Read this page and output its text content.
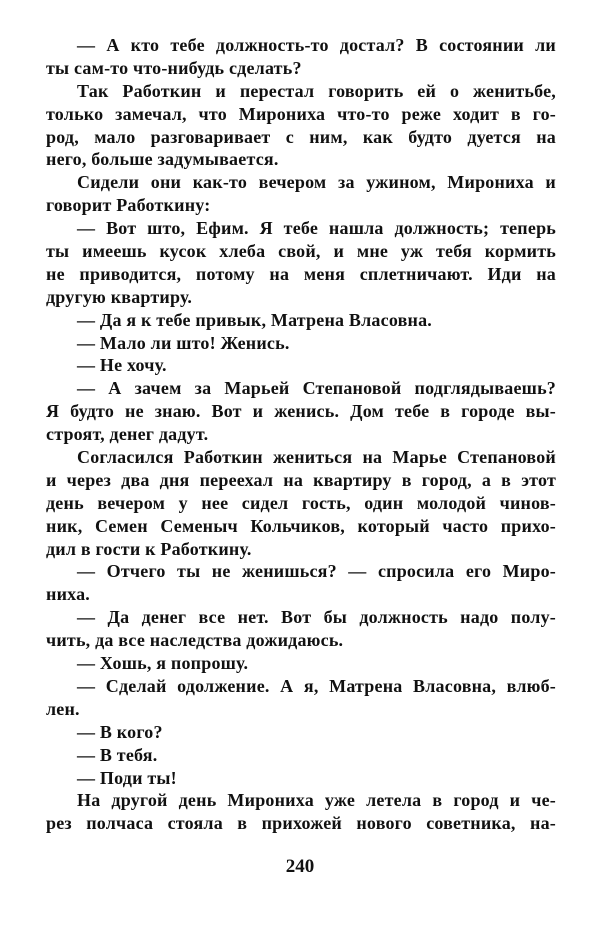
— А кто тебе должность-то достал? В состоянии ли
ты сам-то что-нибудь сделать?
Так Работкин и перестал говорить ей о женитьбе,
только замечал, что Мирониха что-то реже ходит в го-
род, мало разговаривает с ним, как будто дуется на
него, больше задумывается.
Сидели они как-то вечером за ужином, Мирониха и
говорит Работкину:
— Вот што, Ефим. Я тебе нашла должность; теперь
ты имеешь кусок хлеба свой, и мне уж тебя кормить
не приводится, потому на меня сплетничают. Иди на
другую квартиру.
— Да я к тебе привык, Матрена Власовна.
— Мало ли што! Женись.
— Не хочу.
— А зачем за Марьей Степановой подглядываешь?
Я будто не знаю. Вот и женись. Дом тебе в городе вы-
строят, денег дадут.
Согласился Работкин жениться на Марье Степановой
и через два дня переехал на квартиру в город, а в этот
день вечером у нее сидел гость, один молодой чинов-
ник, Семен Семеныч Кольчиков, который часто прихо-
дил в гости к Работкину.
— Отчего ты не женишься? — спросила его Миро-
ниха.
— Да денег все нет. Вот бы должность надо полу-
чить, да все наследства дожидаюсь.
— Хошь, я попрошу.
— Сделай одолжение. А я, Матрена Власовна, влюб-
лен.
— В кого?
— В тебя.
— Поди ты!
На другой день Мирониха уже летела в город и че-
рез полчаса стояла в прихожей нового советника, на-
240
